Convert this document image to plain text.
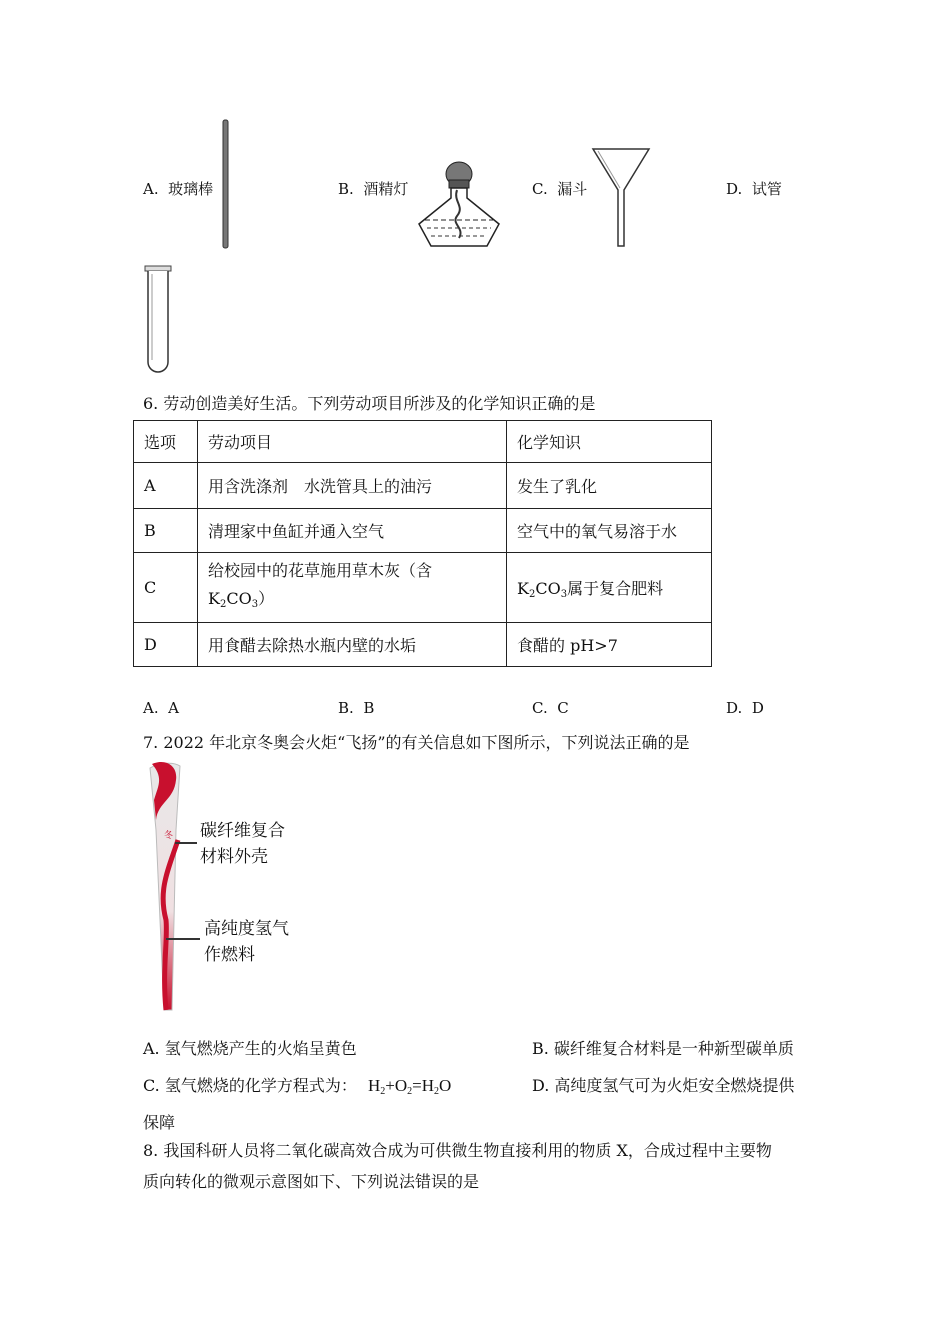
A. 玻璃棒	B. 酒精灯	C. 漏斗	D. 试管
6. 劳动创造美好生活。下列劳动项目所涉及的化学知识正确的是
选项	劳动项目	化学知识
A	用含洗涤剂　水洗管具上的油污	发生了乳化
B	清理家中鱼缸并通入空气	空气中的氧气易溶于水
C	给校园中的花草施用草木灰（含
$K_2CO_3$）	$K_2CO_3$属于复合肥料
D	用食醋去除热水瓶内壁的水垢	食醋的 pH>7
A. A	B. B	C. C	D. D
7. 2022 年北京冬奥会火炬“飞扬”的有关信息如下图所示，下列说法正确的是
冬 碳纤维复合
材料外壳
高纯度氢气
作燃料
A. 氢气燃烧产生的火焰呈黄色	B. 碳纤维复合材料是一种新型碳单质
C. 氢气燃烧的化学方程式为： $H_2+O_2=H_2O$	D. 高纯度氢气可为火炬安全燃烧提供
保障
8. 我国科研人员将二氧化碳高效合成为可供微生物直接利用的物质 X，合成过程中主要物
质向转化的微观示意图如下、下列说法错误的是
